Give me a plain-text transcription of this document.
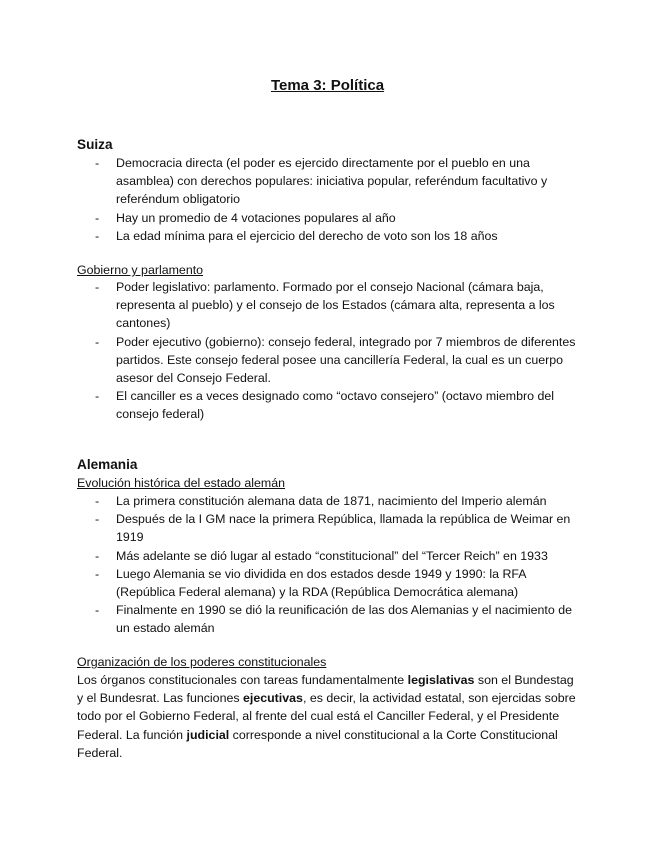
Tema 3: Política
Suiza
- Democracia directa (el poder es ejercido directamente por el pueblo en una asamblea) con derechos populares: iniciativa popular, referéndum facultativo y referéndum obligatorio
- Hay un promedio de 4 votaciones populares al año
- La edad mínima para el ejercicio del derecho de voto son los 18 años
Gobierno y parlamento
- Poder legislativo: parlamento. Formado por el consejo Nacional (cámara baja, representa al pueblo) y el consejo de los Estados (cámara alta, representa a los cantones)
- Poder ejecutivo (gobierno): consejo federal, integrado por 7 miembros de diferentes partidos. Este consejo federal posee una cancillería Federal, la cual es un cuerpo asesor del Consejo Federal.
- El canciller es a veces designado como “octavo consejero” (octavo miembro del consejo federal)
Alemania
Evolución histórica del estado alemán
- La primera constitución alemana data de 1871, nacimiento del Imperio alemán
- Después de la I GM nace la primera República, llamada la república de Weimar en 1919
- Más adelante se dió lugar al estado “constitucional” del “Tercer Reich” en 1933
- Luego Alemania se vio dividida en dos estados desde 1949 y 1990: la RFA (República Federal alemana) y la RDA (República Democrática alemana)
- Finalmente en 1990 se dió la reunificación de las dos Alemanias y el nacimiento de un estado alemán
Organización de los poderes constitucionales

Los órganos constitucionales con tareas fundamentalmente legislativas son el Bundestag y el Bundesrat. Las funciones ejecutivas, es decir, la actividad estatal, son ejercidas sobre todo por el Gobierno Federal, al frente del cual está el Canciller Federal, y el Presidente Federal. La función judicial corresponde a nivel constitucional a la Corte Constitucional Federal.
